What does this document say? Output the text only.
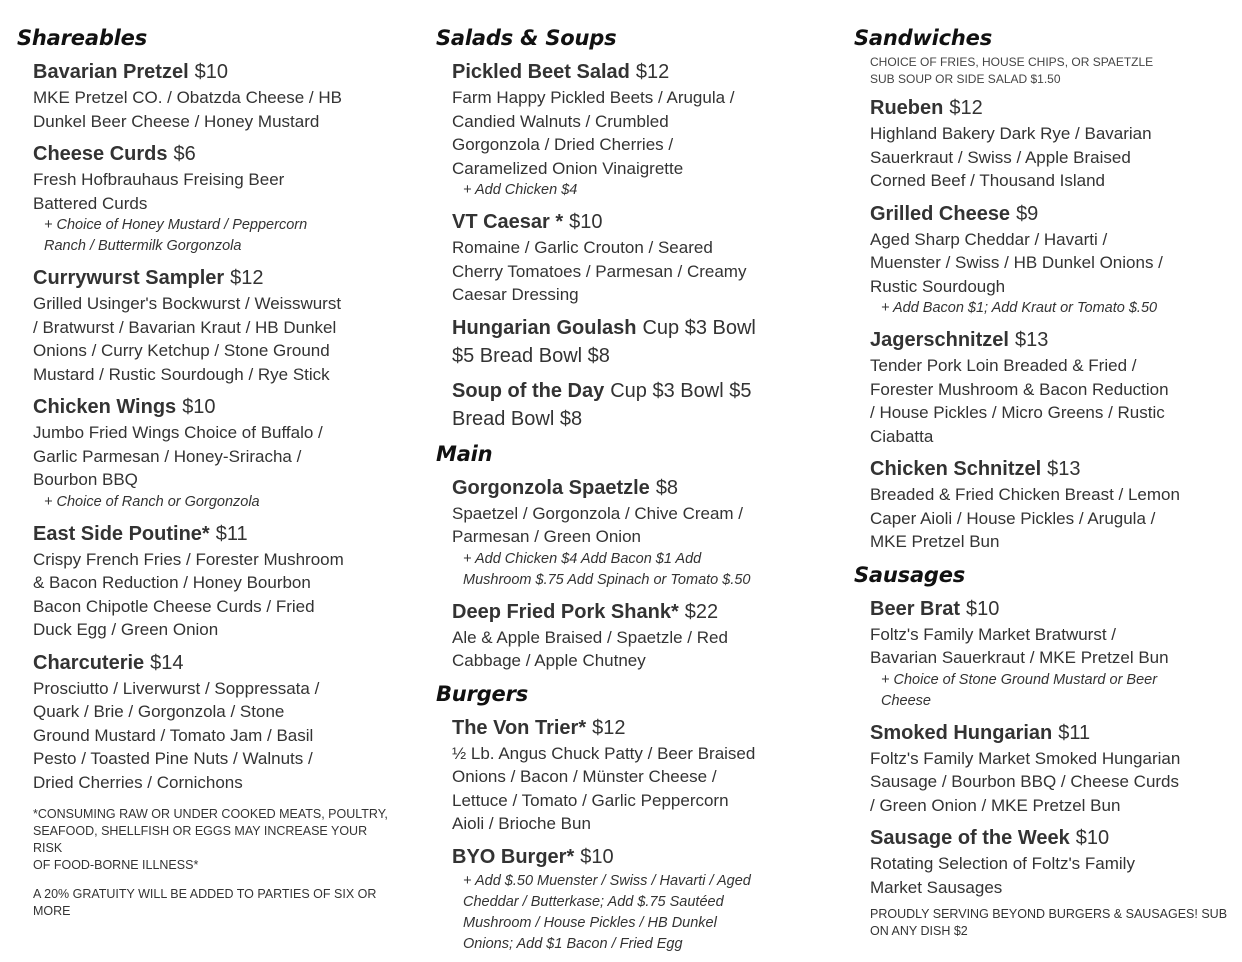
Shareables
Bavarian Pretzel $10
MKE Pretzel CO. / Obatzda Cheese / HB
Dunkel Beer Cheese / Honey Mustard
Cheese Curds $6
Fresh Hofbrauhaus Freising Beer
Battered Curds
+ Choice of Honey Mustard / Peppercorn
Ranch / Buttermilk Gorgonzola
Currywurst Sampler $12
Grilled Usinger's Bockwurst / Weisswurst
/ Bratwurst / Bavarian Kraut / HB Dunkel
Onions / Curry Ketchup / Stone Ground
Mustard / Rustic Sourdough / Rye Stick
Chicken Wings $10
Jumbo Fried Wings Choice of Buffalo /
Garlic Parmesan / Honey-Sriracha /
Bourbon BBQ
+ Choice of Ranch or Gorgonzola
East Side Poutine* $11
Crispy French Fries / Forester Mushroom
& Bacon Reduction / Honey Bourbon
Bacon Chipotle Cheese Curds / Fried
Duck Egg / Green Onion
Charcuterie $14
Prosciutto / Liverwurst / Soppressata /
Quark / Brie / Gorgonzola / Stone
Ground Mustard / Tomato Jam / Basil
Pesto / Toasted Pine Nuts / Walnuts /
Dried Cherries / Cornichons
*CONSUMING RAW OR UNDER COOKED MEATS, POULTRY,
SEAFOOD, SHELLFISH OR EGGS MAY INCREASE YOUR RISK
OF FOOD-BORNE ILLNESS*
A 20% GRATUITY WILL BE ADDED TO PARTIES OF SIX OR
MORE
Salads & Soups
Pickled Beet Salad $12
Farm Happy Pickled Beets / Arugula /
Candied Walnuts / Crumbled
Gorgonzola / Dried Cherries /
Caramelized Onion Vinaigrette
+ Add Chicken $4
VT Caesar * $10
Romaine / Garlic Crouton / Seared
Cherry Tomatoes / Parmesan / Creamy
Caesar Dressing
Hungarian Goulash Cup $3 Bowl
$5 Bread Bowl $8
Soup of the Day Cup $3 Bowl $5
Bread Bowl $8
Main
Gorgonzola Spaetzle $8
Spaetzel / Gorgonzola / Chive Cream /
Parmesan / Green Onion
+ Add Chicken $4 Add Bacon $1 Add
Mushroom $.75 Add Spinach or Tomato $.50
Deep Fried Pork Shank* $22
Ale & Apple Braised / Spaetzle / Red
Cabbage / Apple Chutney
Burgers
The Von Trier* $12
½ Lb. Angus Chuck Patty / Beer Braised
Onions / Bacon / Münster Cheese /
Lettuce / Tomato / Garlic Peppercorn
Aioli / Brioche Bun
BYO Burger* $10
+ Add $.50 Muenster / Swiss / Havarti / Aged
Cheddar / Butterkase; Add $.75 Sautéed
Mushroom / House Pickles / HB Dunkel
Onions; Add $1 Bacon / Fried Egg
Sandwiches
CHOICE OF FRIES, HOUSE CHIPS, OR SPAETZLE
SUB SOUP OR SIDE SALAD $1.50
Rueben $12
Highland Bakery Dark Rye / Bavarian
Sauerkraut / Swiss / Apple Braised
Corned Beef / Thousand Island
Grilled Cheese $9
Aged Sharp Cheddar / Havarti /
Muenster / Swiss / HB Dunkel Onions /
Rustic Sourdough
+ Add Bacon $1; Add Kraut or Tomato $.50
Jagerschnitzel $13
Tender Pork Loin Breaded & Fried /
Forester Mushroom & Bacon Reduction
/ House Pickles / Micro Greens / Rustic
Ciabatta
Chicken Schnitzel $13
Breaded & Fried Chicken Breast / Lemon
Caper Aioli / House Pickles / Arugula /
MKE Pretzel Bun
Sausages
Beer Brat $10
Foltz's Family Market Bratwurst /
Bavarian Sauerkraut / MKE Pretzel Bun
+ Choice of Stone Ground Mustard or Beer
Cheese
Smoked Hungarian $11
Foltz's Family Market Smoked Hungarian
Sausage / Bourbon BBQ / Cheese Curds
/ Green Onion / MKE Pretzel Bun
Sausage of the Week $10
Rotating Selection of Foltz's Family
Market Sausages
PROUDLY SERVING BEYOND BURGERS & SAUSAGES! SUB
ON ANY DISH $2
